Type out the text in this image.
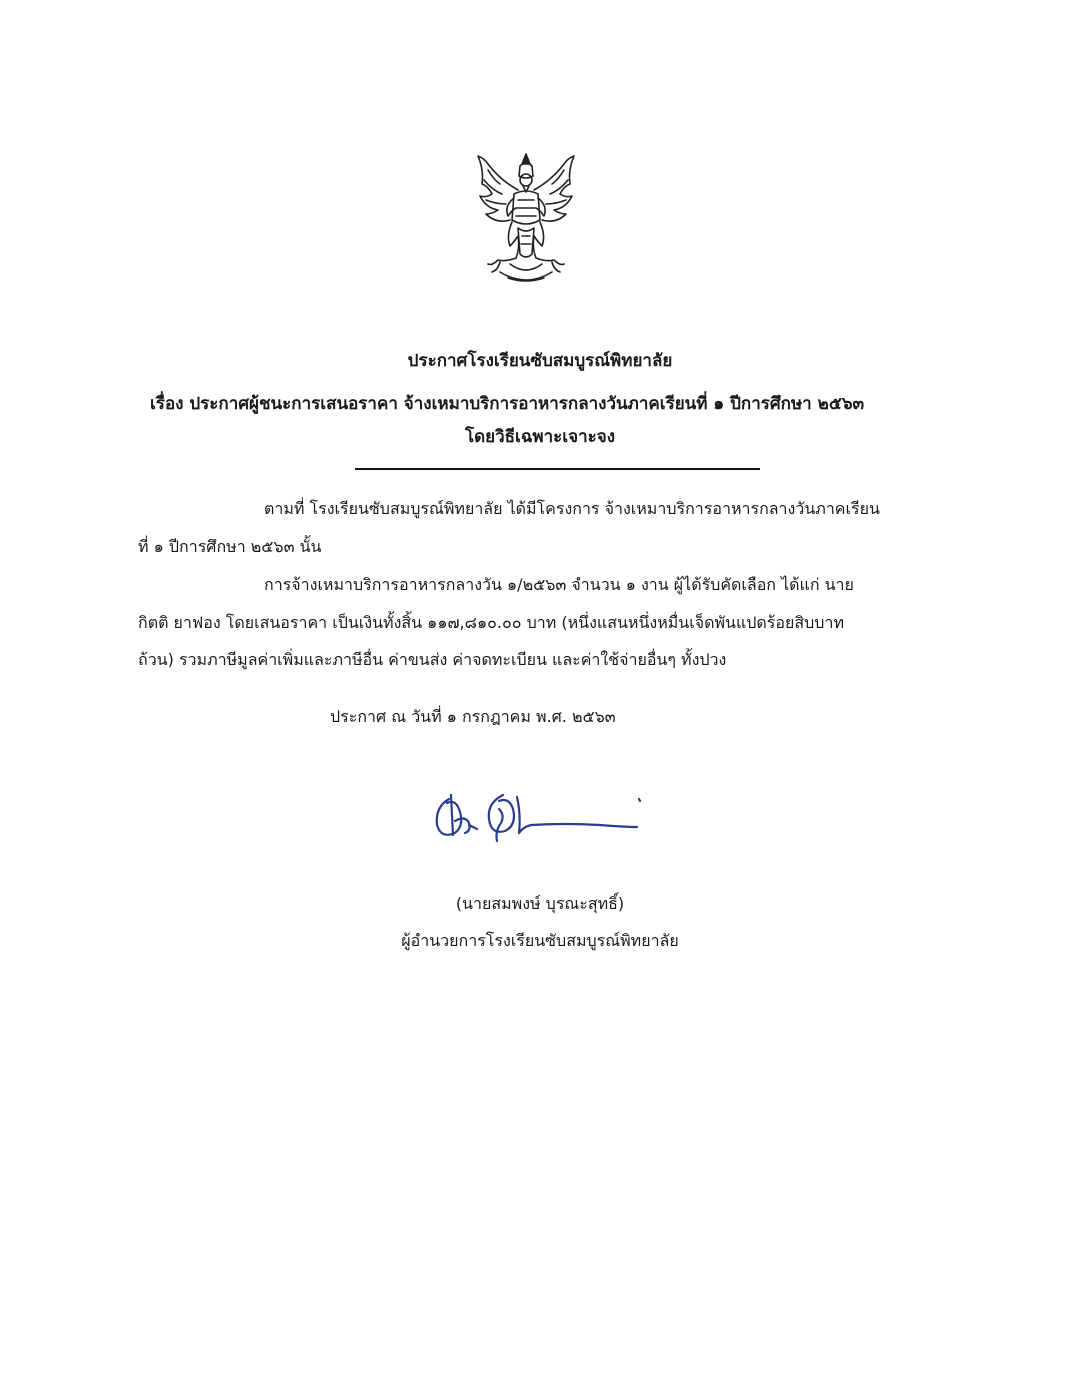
ประกาศโรงเรียนซับสมบูรณ์พิทยาลัย
เรื่อง ประกาศผู้ชนะการเสนอราคา จ้างเหมาบริการอาหารกลางวันภาคเรียนที่ ๑ ปีการศึกษา ๒๕๖๓
โดยวิธีเฉพาะเจาะจง
ตามที่ โรงเรียนซับสมบูรณ์พิทยาลัย ได้มีโครงการ จ้างเหมาบริการอาหารกลางวันภาคเรียน
ที่ ๑ ปีการศึกษา ๒๕๖๓ นั้น
การจ้างเหมาบริการอาหารกลางวัน ๑/๒๕๖๓ จำนวน ๑ งาน ผู้ได้รับคัดเลือก ได้แก่ นาย
กิตติ ยาฟอง โดยเสนอราคา เป็นเงินทั้งสิ้น ๑๑๗,๘๑๐.๐๐ บาท (หนึ่งแสนหนึ่งหมื่นเจ็ดพันแปดร้อยสิบบาท
ถ้วน) รวมภาษีมูลค่าเพิ่มและภาษีอื่น ค่าขนส่ง ค่าจดทะเบียน และค่าใช้จ่ายอื่นๆ ทั้งปวง
ประกาศ ณ วันที่ ๑ กรกฎาคม พ.ศ. ๒๕๖๓
(นายสมพงษ์ บุรณะสุทธิ์)
ผู้อำนวยการโรงเรียนซับสมบูรณ์พิทยาลัย
